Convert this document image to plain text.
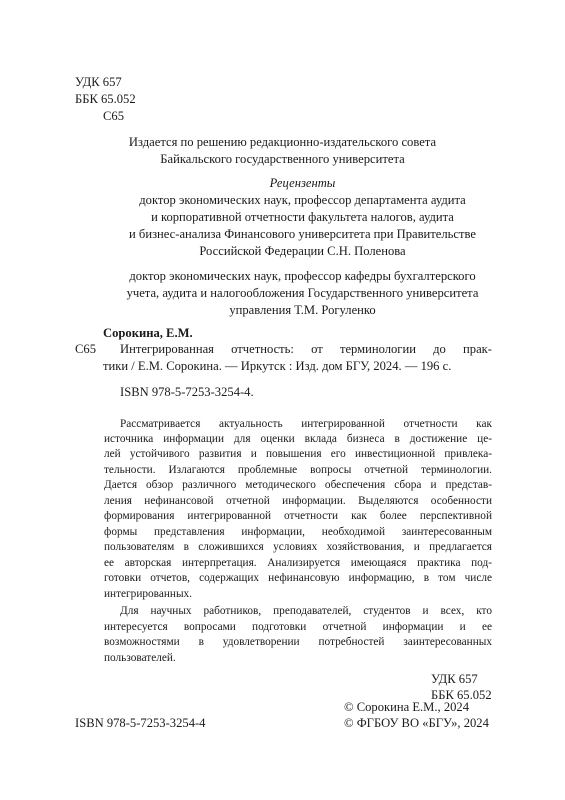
УДК 657
ББК 65.052
С65
Издается по решению редакционно-издательского совета
Байкальского государственного университета
Рецензенты
доктор экономических наук, профессор департамента аудита
и корпоративной отчетности факультета налогов, аудита
и бизнес-анализа Финансового университета при Правительстве
Российской Федерации С.Н. Поленова
доктор экономических наук, профессор кафедры бухгалтерского
учета, аудита и налогообложения Государственного университета
управления Т.М. Рогуленко
Сорокина, Е.М.
С65 Интегрированная отчетность: от терминологии до прак-
тики / Е.М. Сорокина. — Иркутск : Изд. дом БГУ, 2024. — 196 с.
ISBN 978-5-7253-3254-4.
Рассматривается актуальность интегрированной отчетности как
источника информации для оценки вклада бизнеса в достижение це-
лей устойчивого развития и повышения его инвестиционной привлека-
тельности. Излагаются проблемные вопросы отчетной терминологии.
Дается обзор различного методического обеспечения сбора и представ-
ления нефинансовой отчетной информации. Выделяются особенности
формирования интегрированной отчетности как более перспективной
формы представления информации, необходимой заинтересованным
пользователям в сложившихся условиях хозяйствования, и предлагается
ее авторская интерпретация. Анализируется имеющаяся практика под-
готовки отчетов, содержащих нефинансовую информацию, в том числе
интегрированных.
Для научных работников, преподавателей, студентов и всех, кто
интересуется вопросами подготовки отчетной информации и ее
возможностями в удовлетворении потребностей заинтересованных
пользователей.
УДК 657
ББК 65.052
© Сорокина Е.М., 2024
ISBN 978-5-7253-3254-4	© ФГБОУ ВО «БГУ», 2024
